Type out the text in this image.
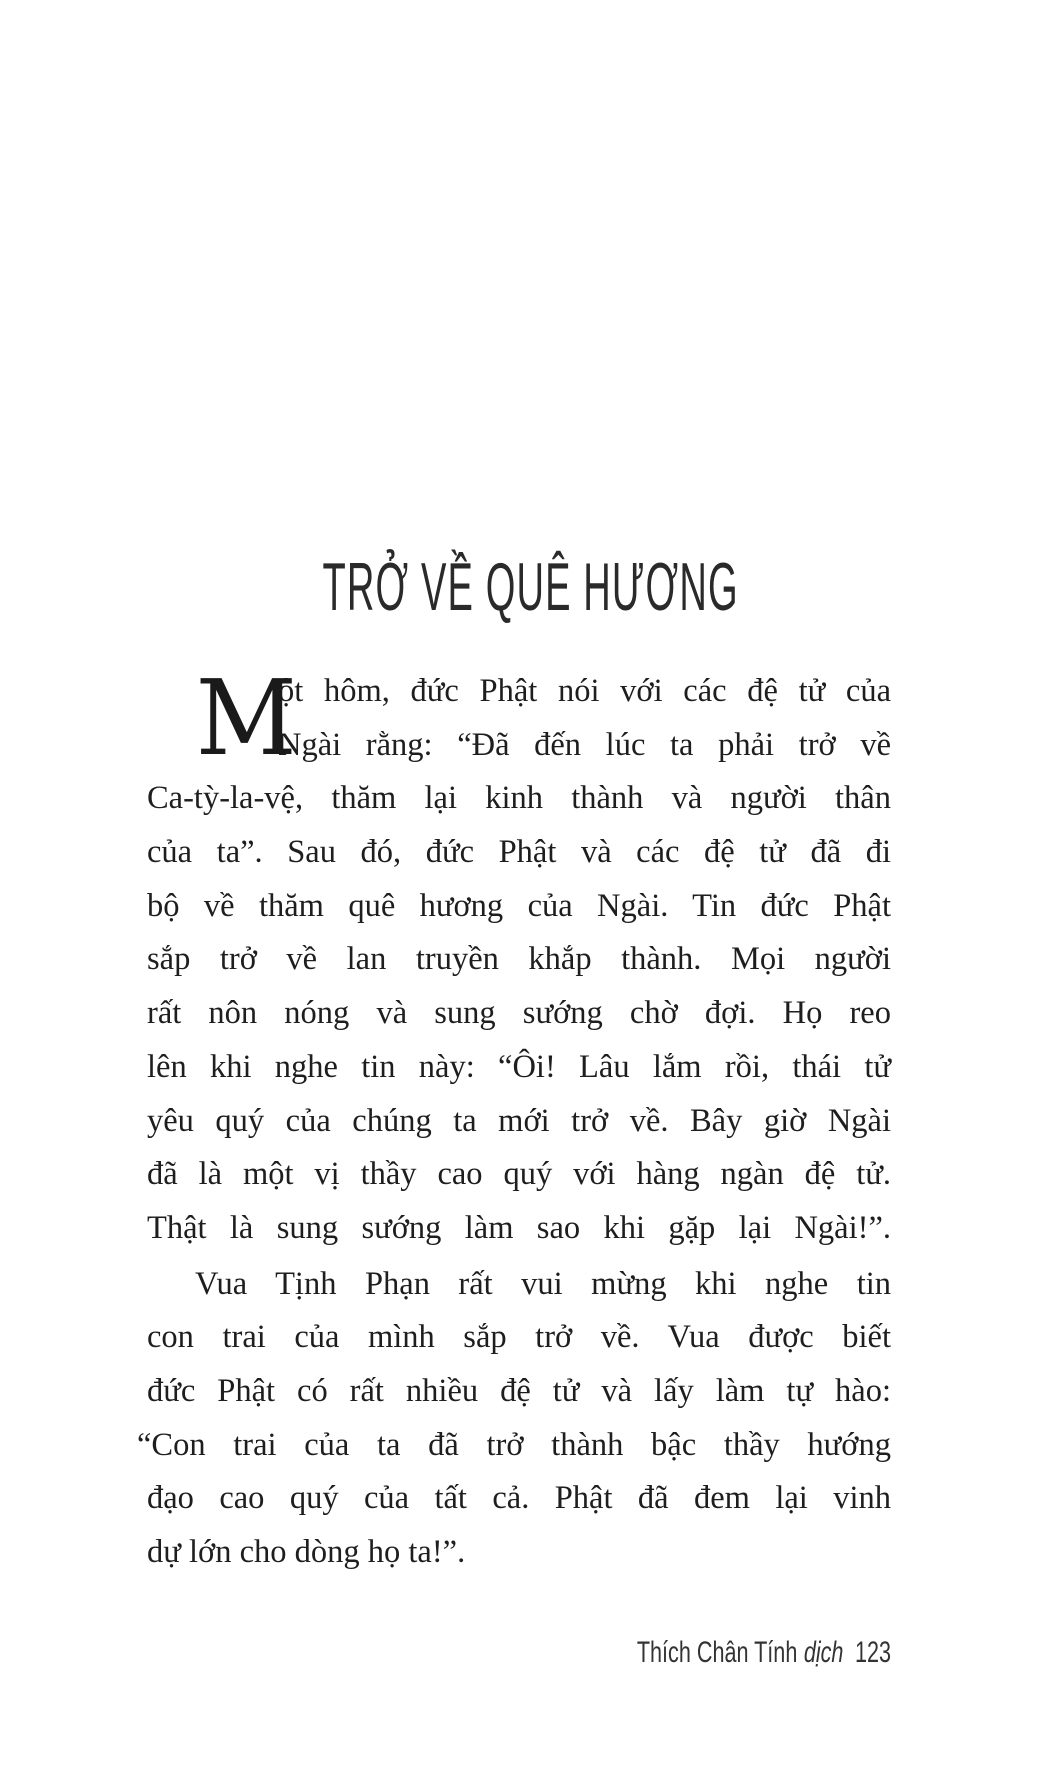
TRỞ VỀ QUÊ HƯƠNG
M
ột hôm, đức Phật nói với các đệ tử của
Ngài rằng: “Đã đến lúc ta phải trở về
Ca-tỳ-la-vệ, thăm lại kinh thành và người thân
của ta”. Sau đó, đức Phật và các đệ tử đã đi
bộ về thăm quê hương của Ngài. Tin đức Phật
sắp trở về lan truyền khắp thành. Mọi người
rất nôn nóng và sung sướng chờ đợi. Họ reo
lên khi nghe tin này: “Ôi! Lâu lắm rồi, thái tử
yêu quý của chúng ta mới trở về. Bây giờ Ngài
đã là một vị thầy cao quý với hàng ngàn đệ tử.
Thật là sung sướng làm sao khi gặp lại Ngài!”.
Vua Tịnh Phạn rất vui mừng khi nghe tin
con trai của mình sắp trở về. Vua được biết
đức Phật có rất nhiều đệ tử và lấy làm tự hào:
“Con trai của ta đã trở thành bậc thầy hướng
đạo cao quý của tất cả. Phật đã đem lại vinh
dự lớn cho dòng họ ta!”.
Thích Chân Tính dịch 123
